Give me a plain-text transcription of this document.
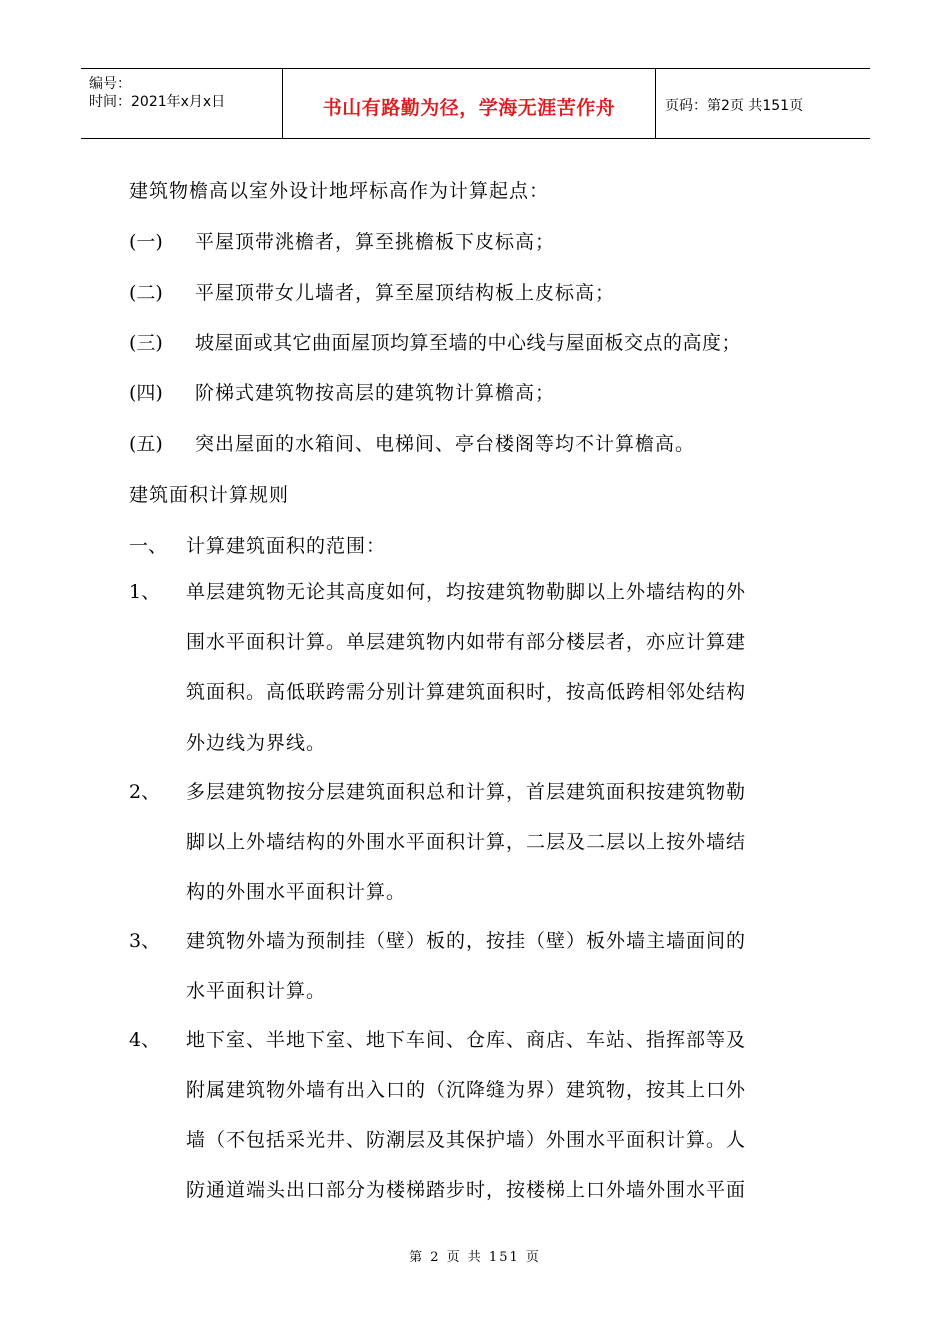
编号：
时间：2021年x月x日	书山有路勤为径，学海无涯苦作舟	页码：第2页 共151页
建筑物檐高以室外设计地坪标高作为计算起点：
(一) 平屋顶带洮檐者，算至挑檐板下皮标高；
(二) 平屋顶带女儿墙者，算至屋顶结构板上皮标高；
(三) 坡屋面或其它曲面屋顶均算至墙的中心线与屋面板交点的高度；
(四) 阶梯式建筑物按高层的建筑物计算檐高；
(五) 突出屋面的水箱间、电梯间、亭台楼阁等均不计算檐高。
建筑面积计算规则
一、 计算建筑面积的范围：
1、 单层建筑物无论其高度如何，均按建筑物勒脚以上外墙结构的外
围水平面积计算。单层建筑物内如带有部分楼层者，亦应计算建
筑面积。高低联跨需分别计算建筑面积时，按高低跨相邻处结构
外边线为界线。
2、 多层建筑物按分层建筑面积总和计算，首层建筑面积按建筑物勒
脚以上外墙结构的外围水平面积计算，二层及二层以上按外墙结
构的外围水平面积计算。
3、 建筑物外墙为预制挂（壁）板的，按挂（壁）板外墙主墙面间的
水平面积计算。
4、 地下室、半地下室、地下车间、仓库、商店、车站、指挥部等及
附属建筑物外墙有出入口的（沉降缝为界）建筑物，按其上口外
墙（不包括采光井、防潮层及其保护墙）外围水平面积计算。人
防通道端头出口部分为楼梯踏步时，按楼梯上口外墙外围水平面
第 2 页 共 151 页
